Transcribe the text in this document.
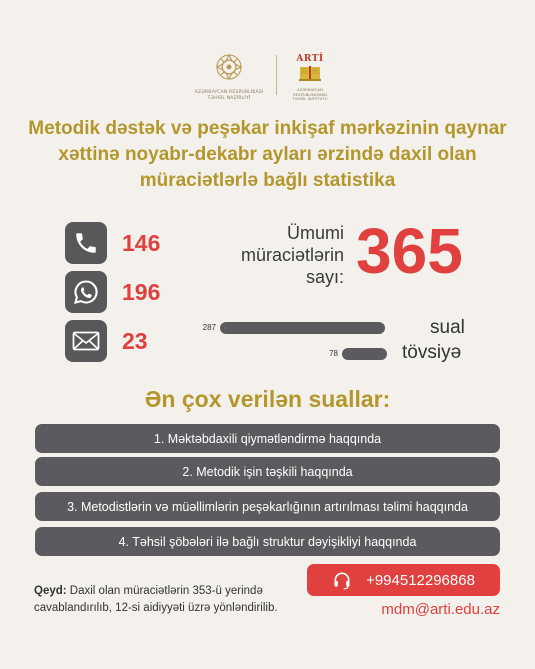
AZƏRBAYCAN RESPUBLİKASI
TƏHSİL NAZİRLİYİ
ARTİ
AZƏRBAYCAN RESPUBLİKASININ
TƏHSİL İNSTİTUTU
Metodik dəstək və peşəkar inkişaf mərkəzinin qaynar xəttinə noyabr-dekabr ayları ərzində daxil olan müraciətlərlə bağlı statistika
146
196
23
Ümumi müraciətlərin sayı: 365
287	sual
78	tövsiyə
Ən çox verilən suallar:
1. Məktəbdaxili qiymətləndirmə haqqında
2. Metodik işin təşkili haqqında
3. Metodistlərin və müəllimlərin peşəkarlığının artırılması təlimi haqqında
4. Təhsil şöbələri ilə bağlı struktur dəyişikliyi haqqında
Qeyd: Daxil olan müraciətlərin 353-ü yerində cavablandırılıb, 12-si aidiyyəti üzrə yönləndirilib.
+994512296868
mdm@arti.edu.az
